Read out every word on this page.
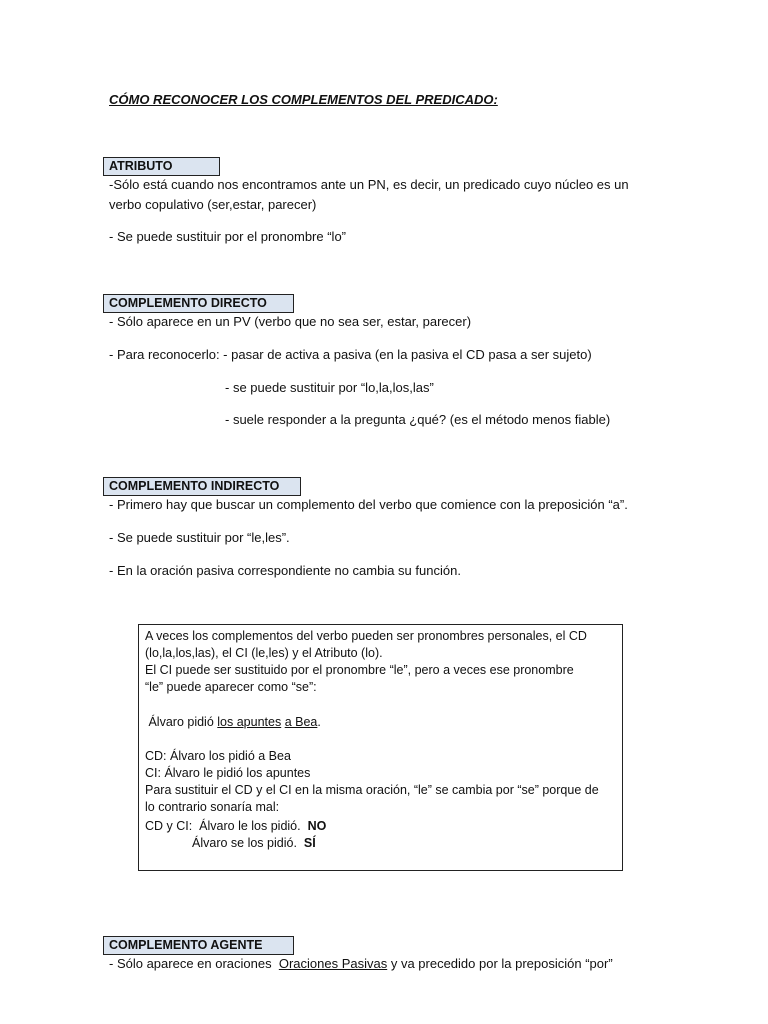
CÓMO RECONOCER LOS COMPLEMENTOS DEL PREDICADO:
ATRIBUTO
-Sólo está cuando nos encontramos ante un PN, es decir, un predicado cuyo núcleo es un
verbo copulativo (ser,estar, parecer)
- Se puede sustituir por el pronombre “lo”
COMPLEMENTO DIRECTO
- Sólo aparece en un PV (verbo que no sea ser, estar, parecer)
- Para reconocerlo: - pasar de activa a pasiva (en la pasiva el CD pasa a ser sujeto)
- se puede sustituir por “lo,la,los,las”
- suele responder a la pregunta ¿qué? (es el método menos fiable)
COMPLEMENTO INDIRECTO
- Primero hay que buscar un complemento del verbo que comience con la preposición “a”.
- Se puede sustituir por “le,les”.
- En la oración pasiva correspondiente no cambia su función.
A veces los complementos del verbo pueden ser pronombres personales, el CD
(lo,la,los,las), el CI (le,les) y el Atributo (lo).
El CI puede ser sustituido por el pronombre “le”, pero a veces ese pronombre
“le” puede aparecer como “se”:
Álvaro pidió los apuntes a Bea.
CD: Álvaro los pidió a Bea
CI: Álvaro le pidió los apuntes
Para sustituir el CD y el CI en la misma oración, “le” se cambia por “se” porque de
lo contrario sonaría mal:
CD y CI:  Álvaro le los pidió.  NO
Álvaro se los pidió.  SÍ
COMPLEMENTO AGENTE
- Sólo aparece en oraciones  Oraciones Pasivas y va precedido por la preposición “por”
